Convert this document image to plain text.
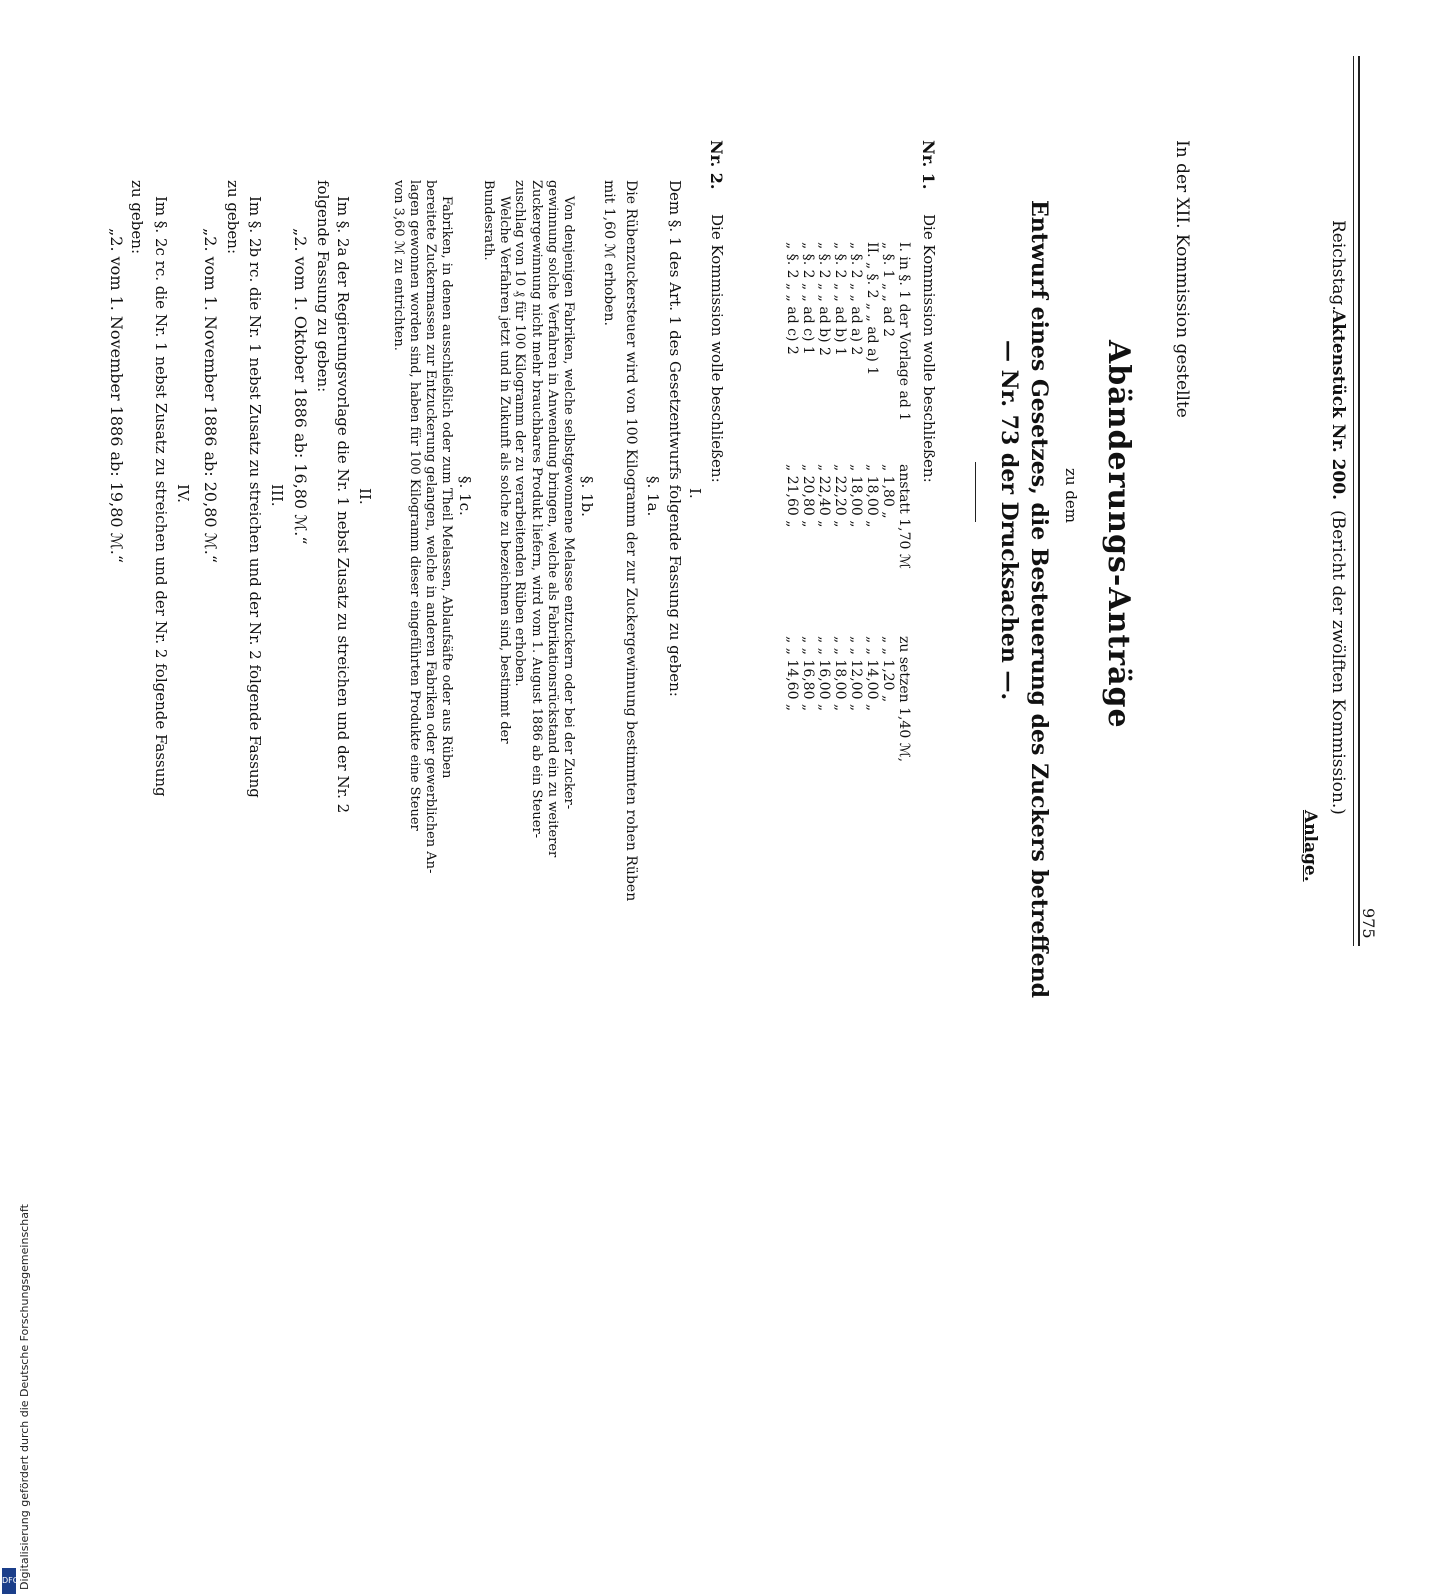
Digitalisierung gefördert durch die Deutsche Forschungsgemeinschaft
DFG
Reichstag.
Aktenstück Nr. 200.
(Bericht der zwölften Kommission.)
975
Anlage.
In der XII. Kommission gestellte
Abänderungs-Anträge
zu dem
Entwurf eines Gesetzes, die Besteuerung des Zuckers betreffend
— Nr. 73 der Drucksachen —.
Nr. 1.
Die Kommission wolle beschließen:
I. in §. 1 der Vorlage ad 1	anstatt 1,70 ℳ	zu setzen 1,40 ℳ,
„ §. 1 „ „ ad 2	„ 1,80 „	„ „ 1,20 „
II. „ §. 2 „ „ ad a) 1	„ 18,00 „	„ „ 14,00 „
„ §. 2 „ „ ad a) 2	„ 18,00 „	„ „ 12,00 „
„ §. 2 „ „ ad b) 1	„ 22,20 „	„ „ 18,00 „
„ §. 2 „ „ ad b) 2	„ 22,40 „	„ „ 16,00 „
„ §. 2 „ „ ad c) 1	„ 20,80 „	„ „ 16,80 „
„ §. 2 „ „ ad c) 2	„ 21,60 „	„ „ 14,60 „
Nr. 2.
Die Kommission wolle beschließen:
I.
Dem §. 1 des Art. 1 des Gesetzentwurfs folgende Fassung zu geben:
§. 1a.
Die Rübenzuckersteuer wird von 100 Kilogramm der zur Zuckergewinnung bestimmten rohen Rüben mit 1,60 ℳ erhoben.
§. 1b.
Von denjenigen Fabriken, welche selbstgewonnene Melasse entzuckern oder bei der Zucker-
gewinnung solche Verfahren in Anwendung bringen, welche als Fabrikationsrückstand ein zu weiterer
Zuckergewinnung nicht mehr brauchbares Produkt liefern, wird vom 1. August 1886 ab ein Steuer-
zuschlag von 10 ₰ für 100 Kilogramm der zu verarbeitenden Rüben erhoben.
Welche Verfahren jetzt und in Zukunft als solche zu bezeichnen sind, bestimmt der
Bundesrath.
§. 1c.
Fabriken, in denen ausschließlich oder zum Theil Melassen, Ablaufsäfte oder aus Rüben
bereitete Zuckermassen zur Entzuckerung gelangen, welche in anderen Fabriken oder gewerblichen An-
lagen gewonnen worden sind, haben für 100 Kilogramm dieser eingeführten Produkte eine Steuer
von 3,60 ℳ zu entrichten.
II.
Im §. 2a der Regierungsvorlage die Nr. 1 nebst Zusatz zu streichen und der Nr. 2
folgende Fassung zu geben:
„2. vom 1. Oktober 1886 ab: 16,80 ℳ.“
III.
Im §. 2b rc. die Nr. 1 nebst Zusatz zu streichen und der Nr. 2 folgende Fassung
zu geben:
„2. vom 1. November 1886 ab: 20,80 ℳ.“
IV.
Im §. 2c rc. die Nr. 1 nebst Zusatz zu streichen und der Nr. 2 folgende Fassung
zu geben:
„2. vom 1. November 1886 ab: 19,80 ℳ.“
